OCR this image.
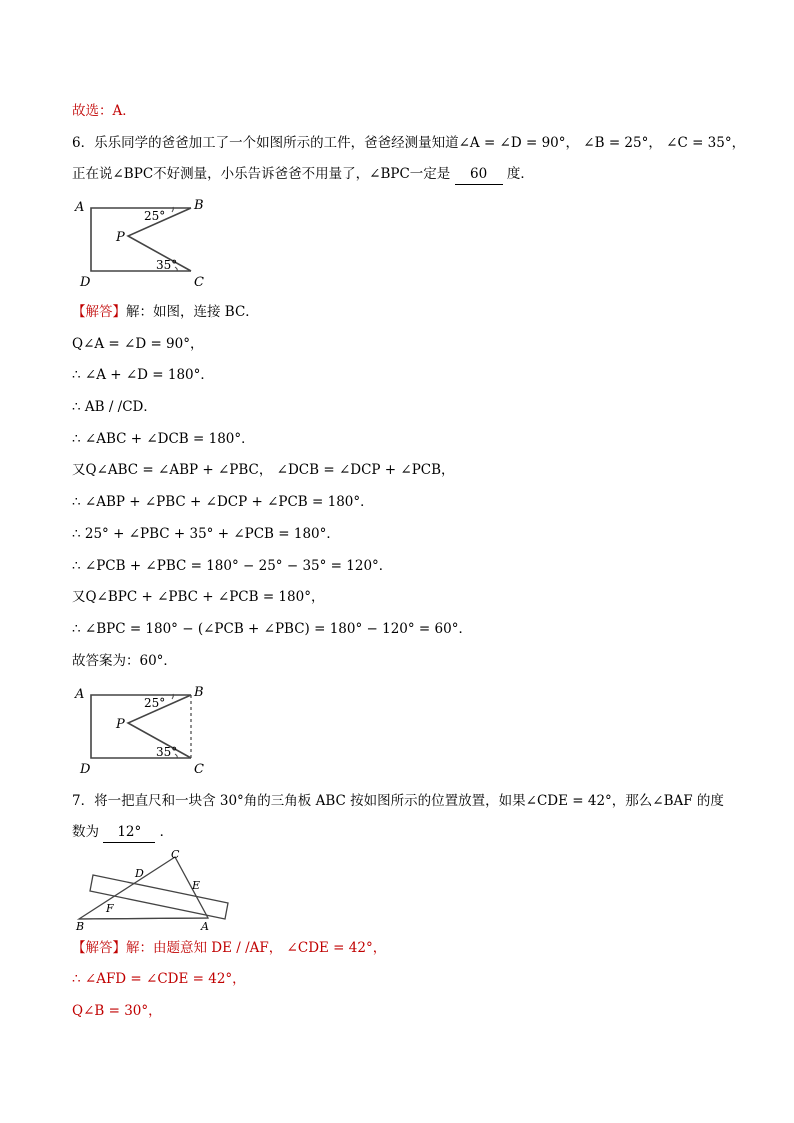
故选：A．
6．乐乐同学的爸爸加工了一个如图所示的工件，爸爸经测量知道∠A = ∠D = 90°， ∠B = 25°， ∠C = 35°，
正在说∠BPC不好测量，小乐告诉爸爸不用量了，∠BPC一定是 60 度．
A	B
C
D
P
25°
35°
【解答】解：如图，连接 BC．
Q∠A = ∠D = 90°，
∴ ∠A + ∠D = 180°．
∴ AB / /CD．
∴ ∠ABC + ∠DCB = 180°．
又Q∠ABC = ∠ABP + ∠PBC， ∠DCB = ∠DCP + ∠PCB，
∴ ∠ABP + ∠PBC + ∠DCP + ∠PCB = 180°．
∴ 25° + ∠PBC + 35° + ∠PCB = 180°．
∴ ∠PCB + ∠PBC = 180° − 25° − 35° = 120°．
又Q∠BPC + ∠PBC + ∠PCB = 180°，
∴ ∠BPC = 180° − (∠PCB + ∠PBC) = 180° − 120° = 60°．
故答案为：60°．
A	B
C
D
P
25°
35°
7．将一把直尺和一块含 30°角的三角板 ABC 按如图所示的位置放置，如果∠CDE = 42°，那么∠BAF 的度
数为 12° ．
C
D
E
F
B	A
【解答】解：由题意知 DE / /AF， ∠CDE = 42°，
∴ ∠AFD = ∠CDE = 42°，
Q∠B = 30°，
